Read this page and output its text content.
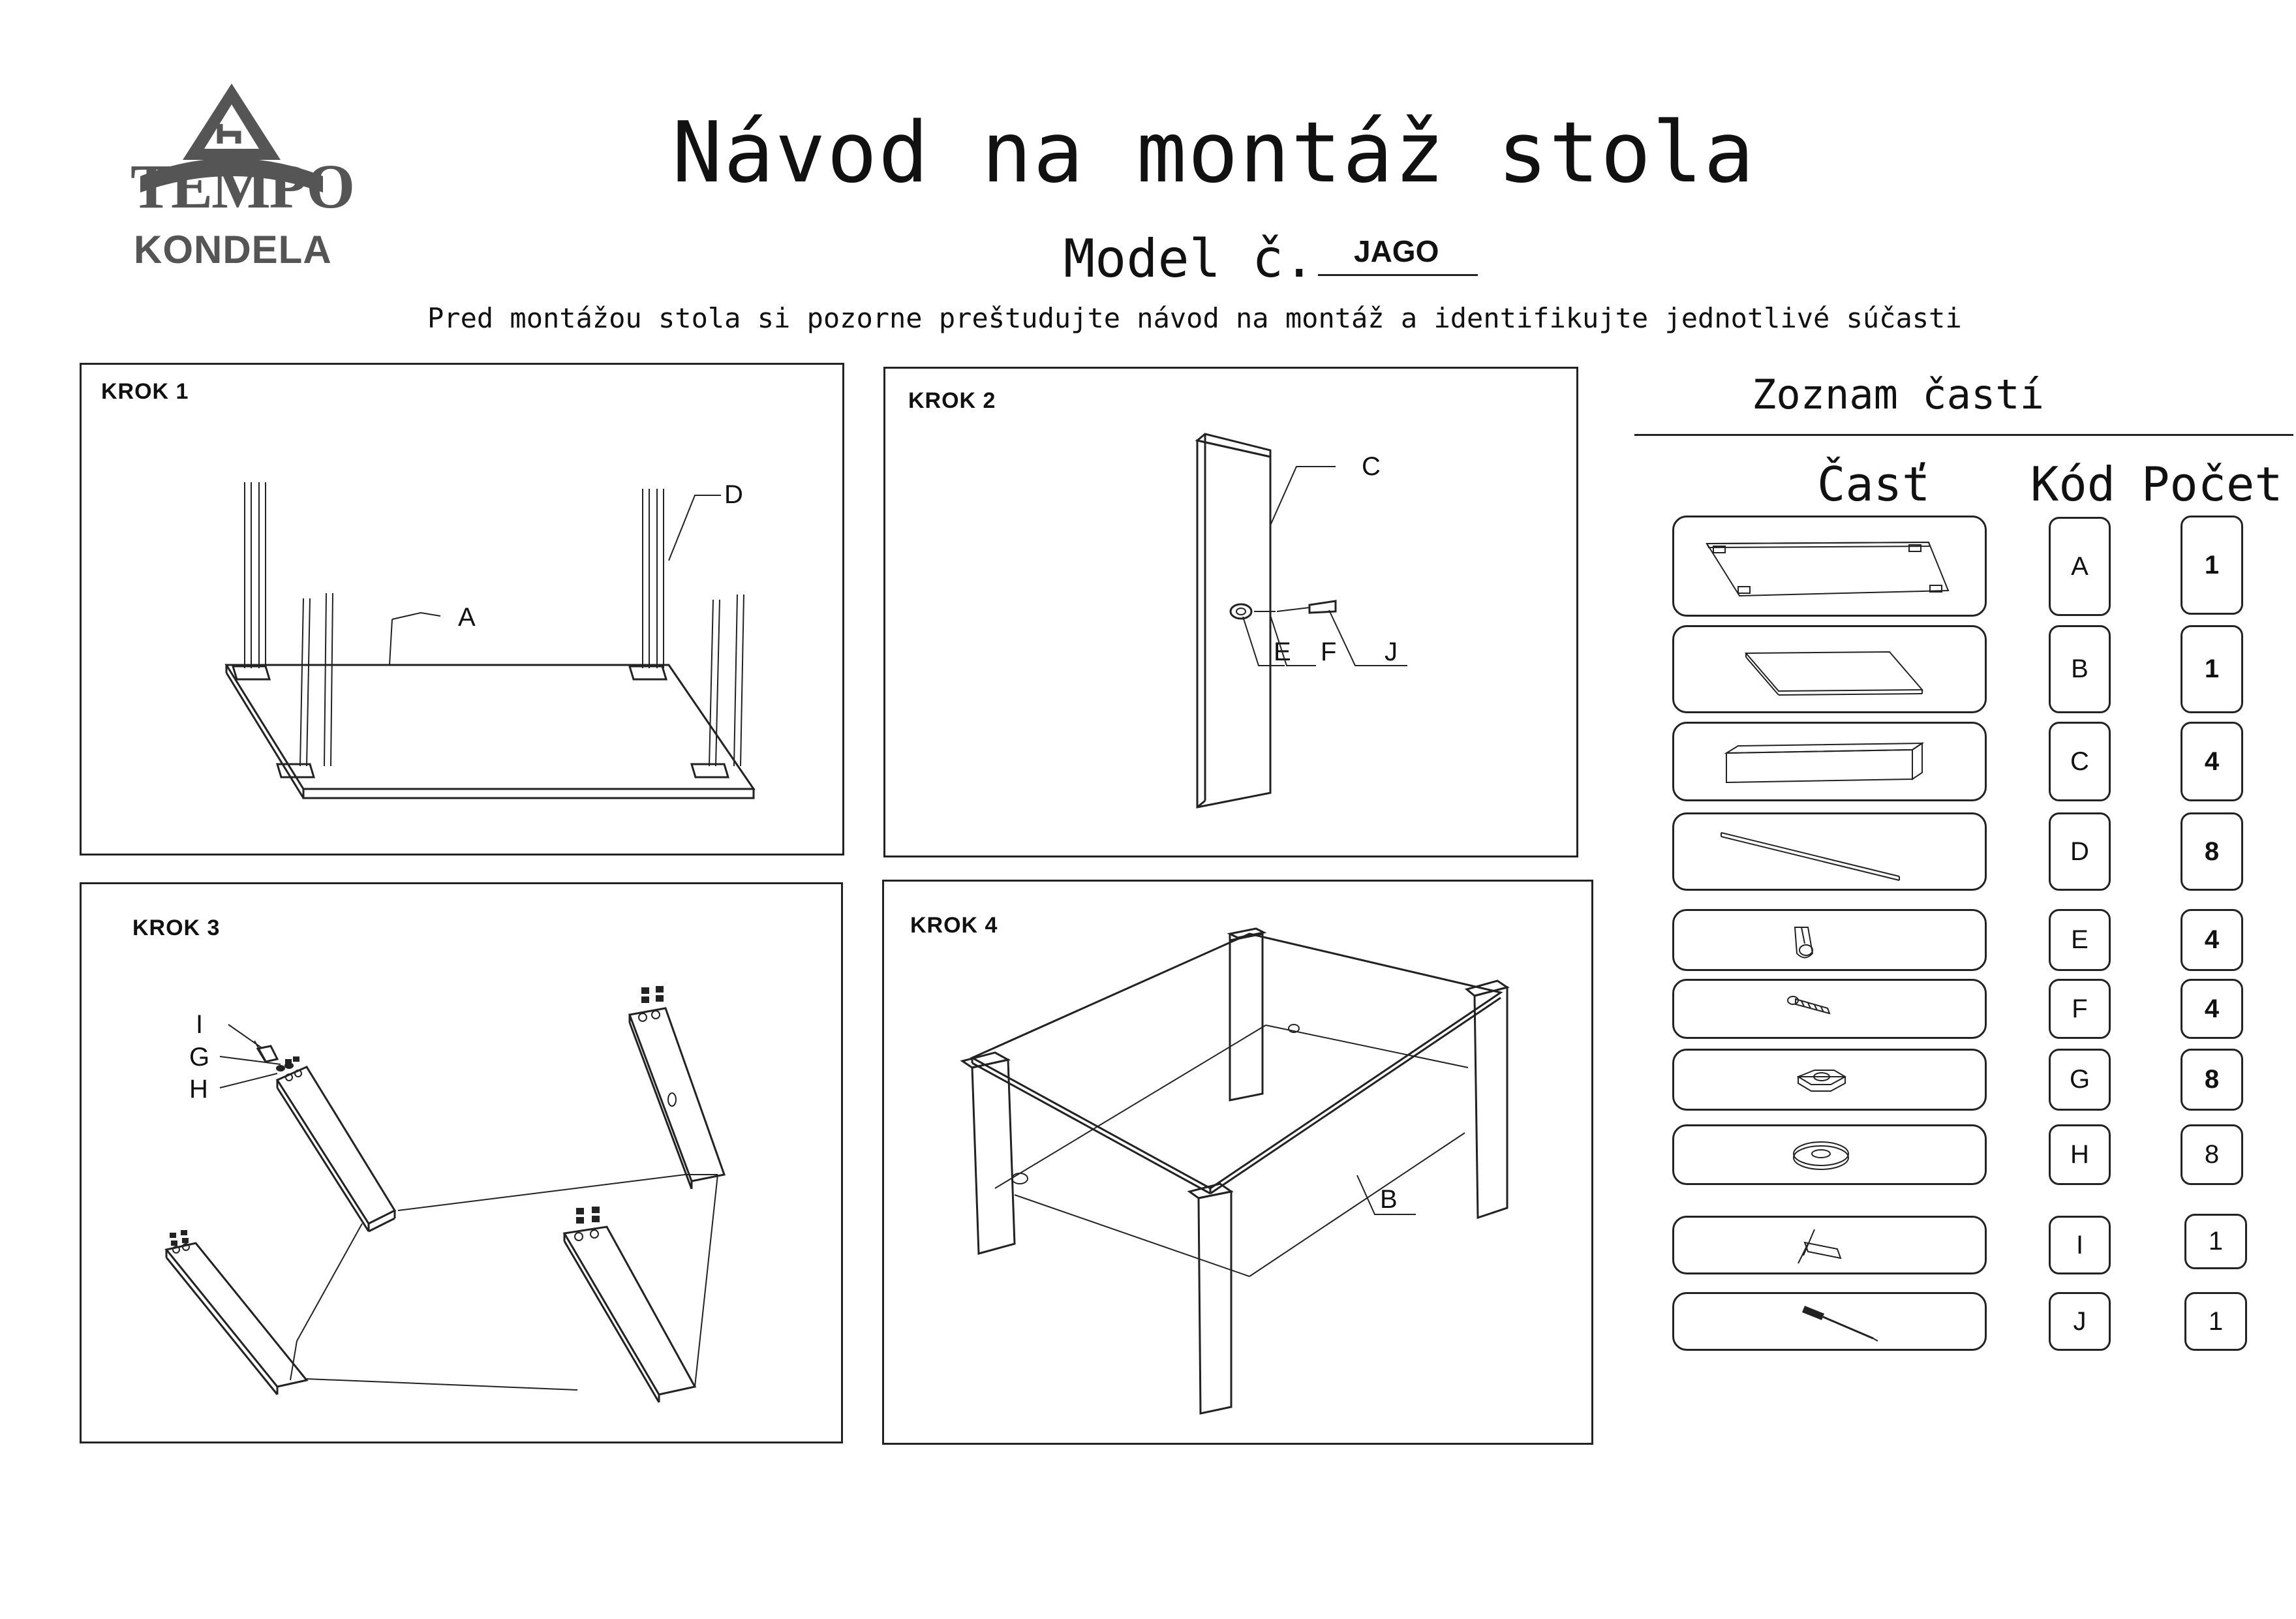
TEMPO
KONDELA
Návod na montáž stola
Model č. JAGO
Pred montážou stola si pozorne preštudujte návod na montáž a identifikujte jednotlivé súčasti
KROK 1
A
D
KROK 2
C
E F J
KROK 3
I
G
H
KROK 4
B
Zoznam častí
Časť Kód Počet
A	1
B	1
C	4
D	8
E	4
F	4
G	8
H	8
I	1
J	1
